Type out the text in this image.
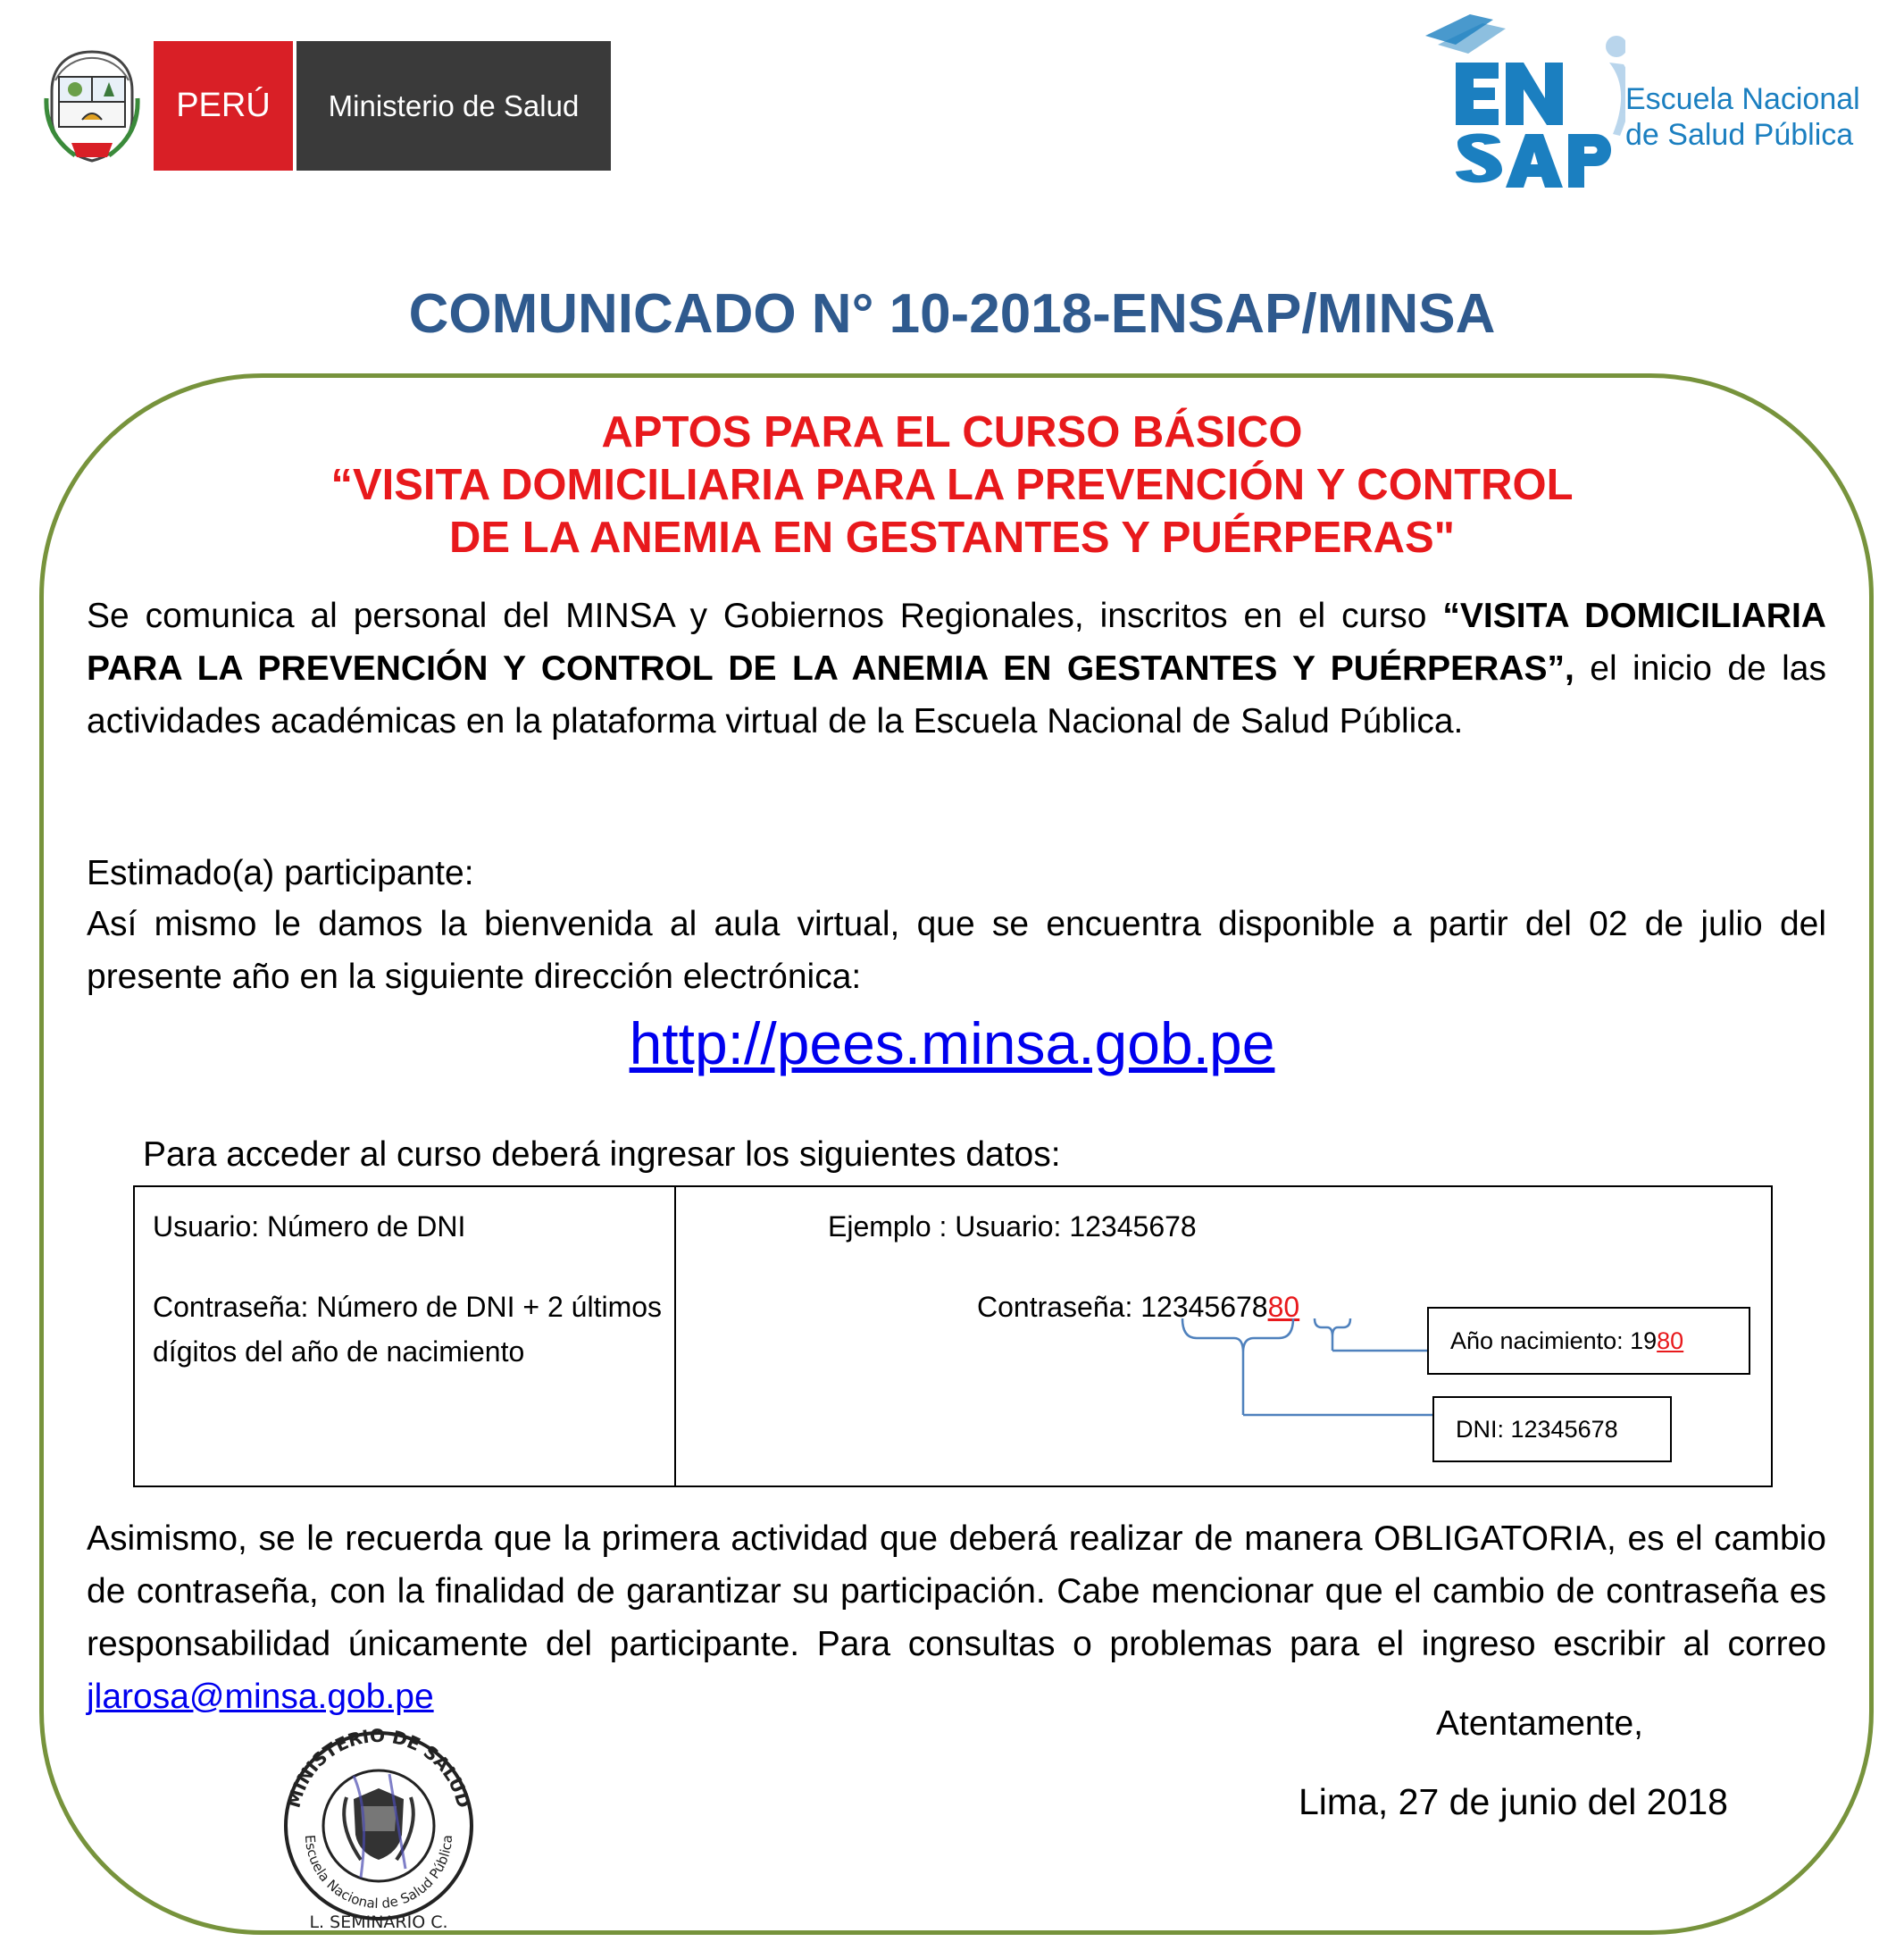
PERÚ	Ministerio de Salud	Escuela Nacional
de Salud Pública
COMUNICADO N° 10-2018-ENSAP/MINSA
APTOS PARA EL CURSO BÁSICO
“VISITA DOMICILIARIA PARA LA PREVENCIÓN Y CONTROL
DE LA ANEMIA EN GESTANTES Y PUÉRPERAS"
Se comunica al personal del MINSA y Gobiernos Regionales, inscritos en el curso “VISITA DOMICILIARIA PARA LA PREVENCIÓN Y CONTROL DE LA ANEMIA EN GESTANTES Y PUÉRPERAS”, el inicio de las actividades académicas en la plataforma virtual de la Escuela Nacional de Salud Pública.
Estimado(a) participante:
Así mismo le damos la bienvenida al aula virtual, que se encuentra disponible a partir del 02 de julio del presente año en la siguiente dirección electrónica:
http://pees.minsa.gob.pe
Para acceder al curso deberá ingresar los siguientes datos:
Usuario: Número de DNI
Contraseña: Número de DNI + 2 últimos
dígitos del año de nacimiento
Ejemplo : Usuario: 12345678
Contraseña: 1234567880
Año nacimiento: 19 80
DNI: 12345678
Asimismo, se le recuerda que la primera actividad que deberá realizar de manera OBLIGATORIA, es el cambio de contraseña, con la finalidad de garantizar su participación. Cabe mencionar que el cambio de contraseña es responsabilidad únicamente del participante. Para consultas o problemas para el ingreso escribir al correo jlarosa@minsa.gob.pe
Atentamente,
Lima, 27 de junio del 2018
MINISTERIO DE SALUD
Escuela Nacional de Salud Pública
L. SEMINARIO C.
